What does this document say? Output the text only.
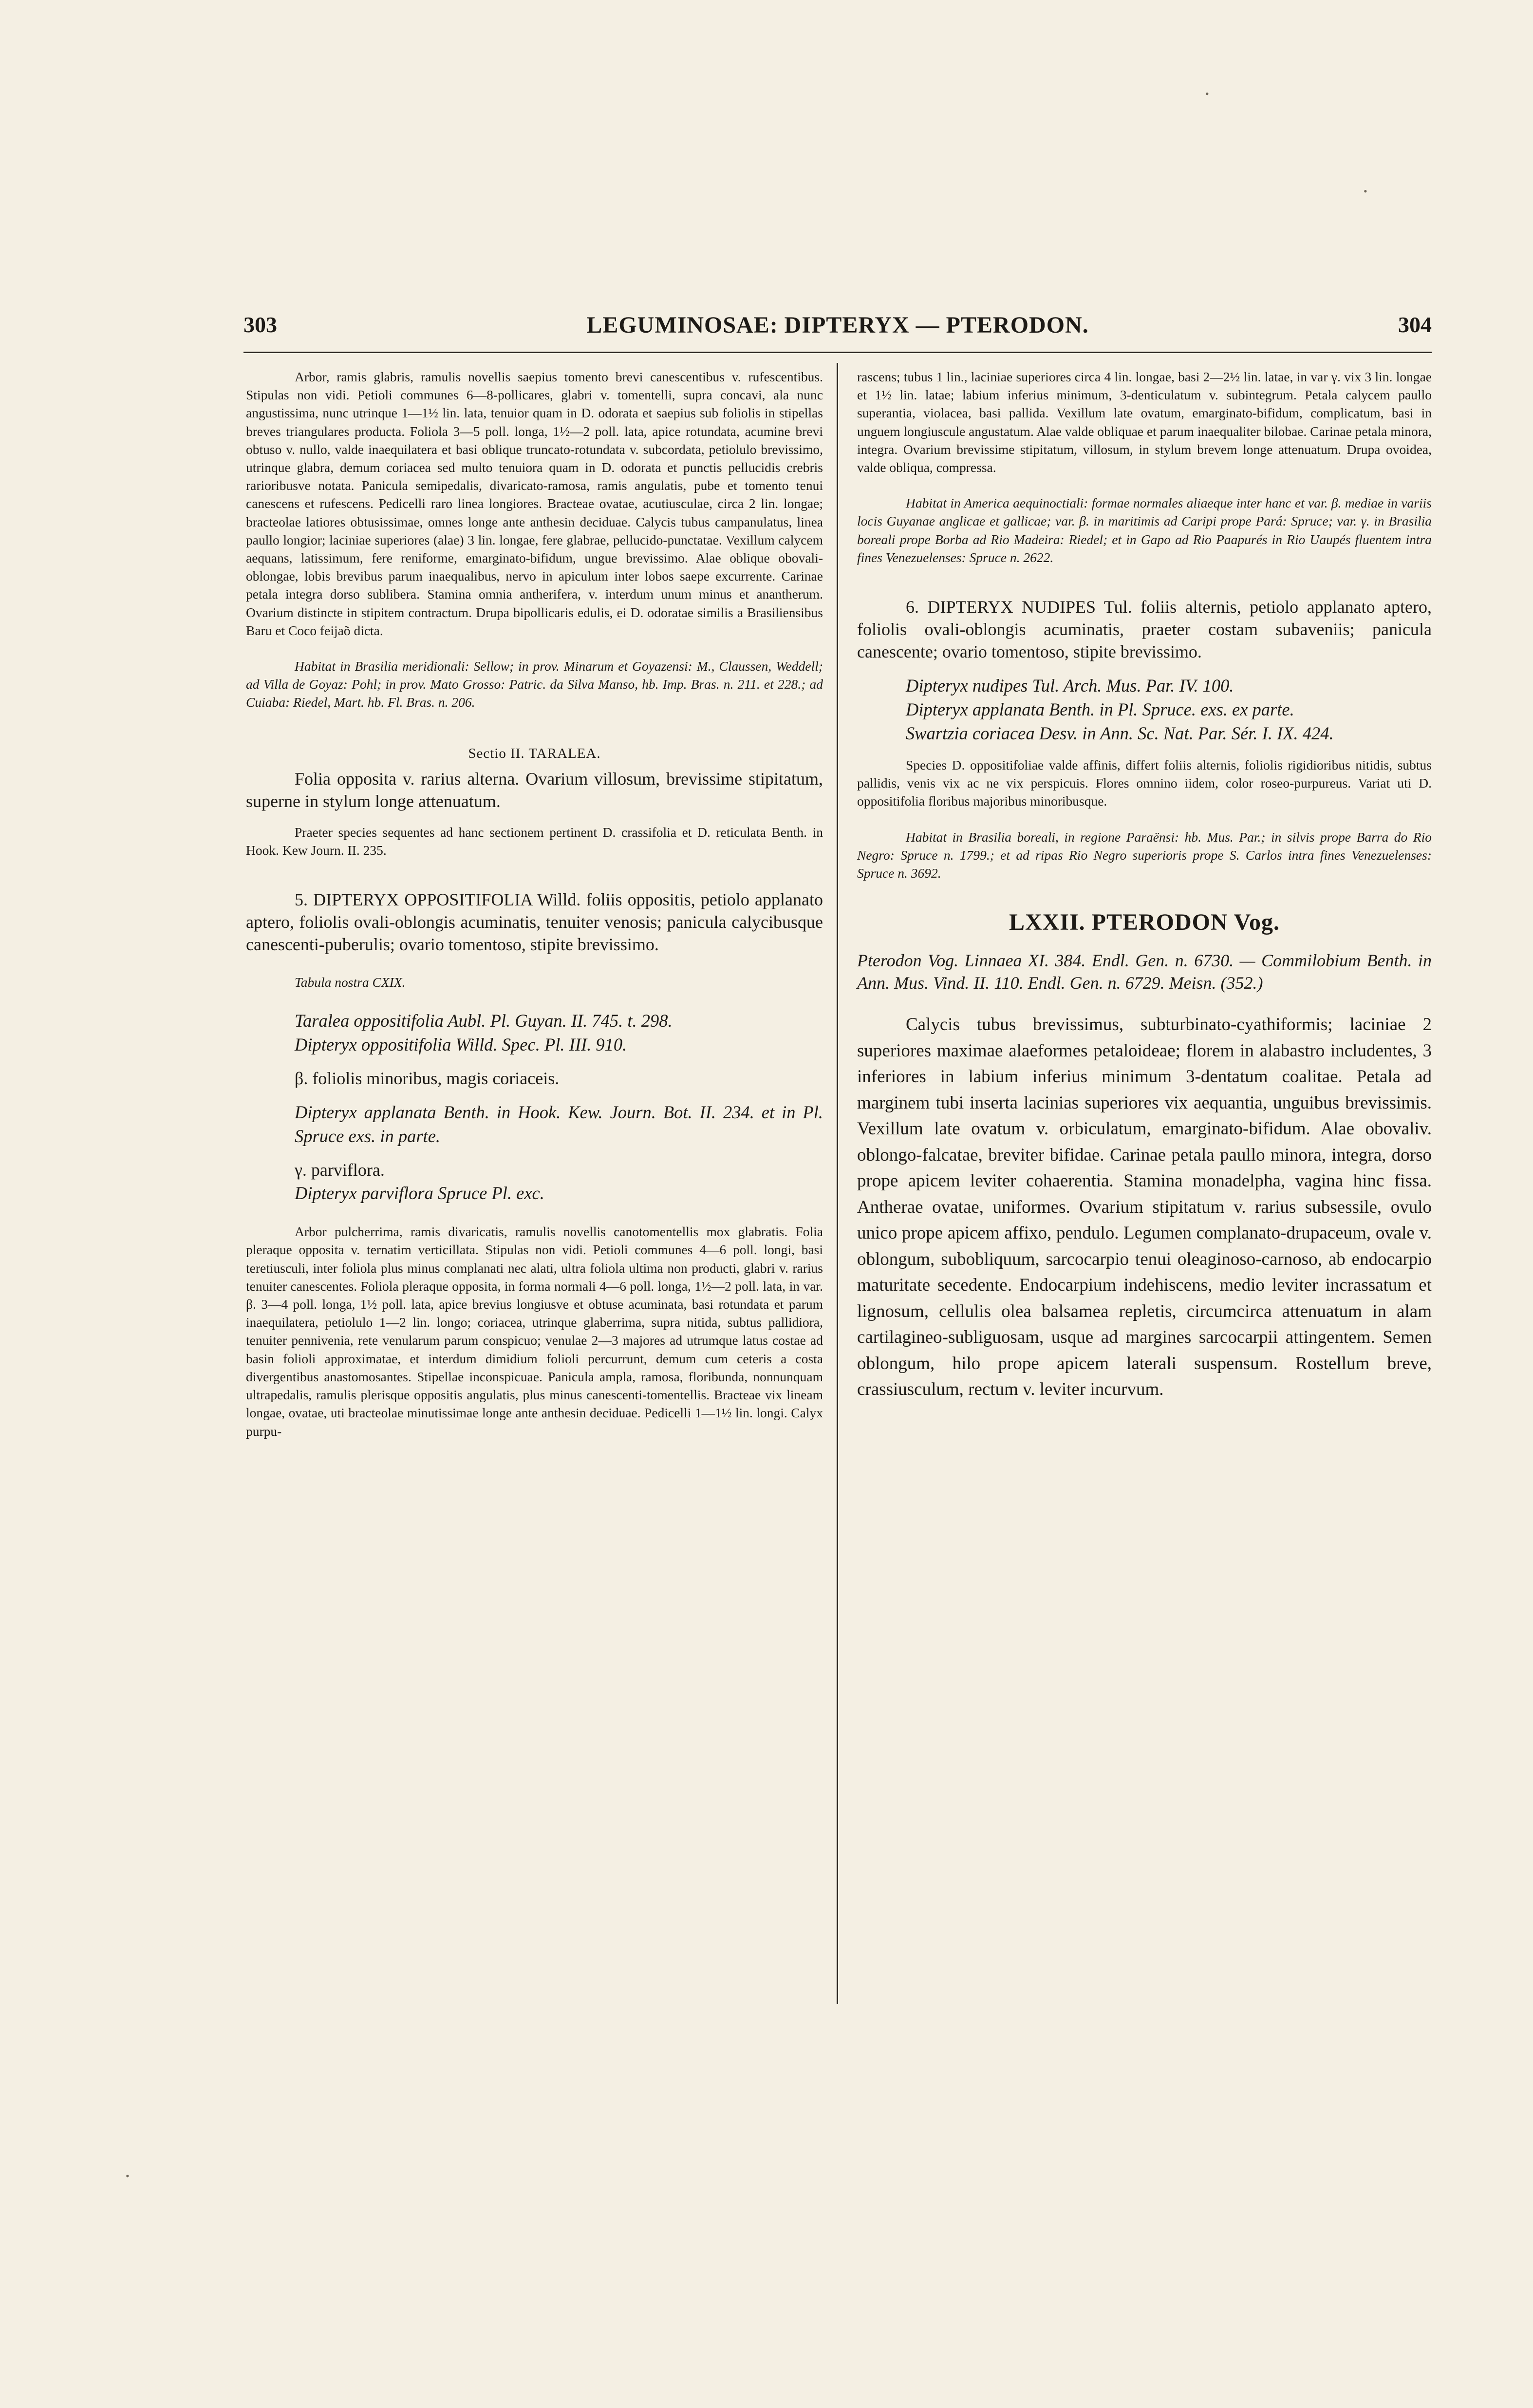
303	LEGUMINOSAE: DIPTERYX — PTERODON.	304

Arbor, ramis glabris, ramulis novellis saepius tomento brevi canescentibus v. rufescentibus. Stipulas non vidi. Petioli communes 6—8-pollicares, glabri v. tomentelli, supra concavi, ala nunc angustissima, nunc utrinque 1—1½ lin. lata, tenuior quam in D. odorata et saepius sub foliolis in stipellas breves triangulares producta. Foliola 3—5 poll. longa, 1½—2 poll. lata, apice rotundata, acumine brevi obtuso v. nullo, valde inaequilatera et basi oblique truncato-rotundata v. subcordata, petiolulo brevissimo, utrinque glabra, demum coriacea sed multo tenuiora quam in D. odorata et punctis pellucidis crebris rarioribusve notata. Panicula semipedalis, divaricato-ramosa, ramis angulatis, pube et tomento tenui canescens et rufescens. Pedicelli raro linea longiores. Bracteae ovatae, acutiusculae, circa 2 lin. longae; bracteolae latiores obtusissimae, omnes longe ante anthesin deciduae. Calycis tubus campanulatus, linea paullo longior; laciniae superiores (alae) 3 lin. longae, fere glabrae, pellucido-punctatae. Vexillum calycem aequans, latissimum, fere reniforme, emarginato-bifidum, ungue brevissimo. Alae oblique obovali-oblongae, lobis brevibus parum inaequalibus, nervo in apiculum inter lobos saepe excurrente. Carinae petala integra dorso sublibera. Stamina omnia antherifera, v. interdum unum minus et anantherum. Ovarium distincte in stipitem contractum. Drupa bipollicaris edulis, ei D. odoratae similis a Brasiliensibus Baru et Coco feijaõ dicta.

Habitat in Brasilia meridionali: Sellow; in prov. Minarum et Goyazensi: M., Claussen, Weddell; ad Villa de Goyaz: Pohl; in prov. Mato Grosso: Patric. da Silva Manso, hb. Imp. Bras. n. 211. et 228.; ad Cuiaba: Riedel, Mart. hb. Fl. Bras. n. 206.

Sectio II. TARALEA.

Folia opposita v. rarius alterna. Ovarium villosum, brevissime stipitatum, superne in stylum longe attenuatum.

Praeter species sequentes ad hanc sectionem pertinent D. crassifolia et D. reticulata Benth. in Hook. Kew Journ. II. 235.

5. DIPTERYX OPPOSITIFOLIA Willd. foliis oppositis, petiolo applanato aptero, foliolis ovali-oblongis acuminatis, tenuiter venosis; panicula calycibusque canescenti-puberulis; ovario tomentoso, stipite brevissimo.

Tabula nostra CXIX.

Taralea oppositifolia Aubl. Pl. Guyan. II. 745. t. 298.

Dipteryx oppositifolia Willd. Spec. Pl. III. 910.

β. foliolis minoribus, magis coriaceis.

Dipteryx applanata Benth. in Hook. Kew. Journ. Bot. II. 234. et in Pl. Spruce exs. in parte.

γ. parviflora.

Dipteryx parviflora Spruce Pl. exc.

Arbor pulcherrima, ramis divaricatis, ramulis novellis canotomentellis mox glabratis. Folia pleraque opposita v. ternatim verticillata. Stipulas non vidi. Petioli communes 4—6 poll. longi, basi teretiusculi, inter foliola plus minus complanati nec alati, ultra foliola ultima non producti, glabri v. rarius tenuiter canescentes. Foliola pleraque opposita, in forma normali 4—6 poll. longa, 1½—2 poll. lata, in var. β. 3—4 poll. longa, 1½ poll. lata, apice brevius longiusve et obtuse acuminata, basi rotundata et parum inaequilatera, petiolulo 1—2 lin. longo; coriacea, utrinque glaberrima, supra nitida, subtus pallidiora, tenuiter pennivenia, rete venularum parum conspicuo; venulae 2—3 majores ad utrumque latus costae ad basin folioli approximatae, et interdum dimidium folioli percurrunt, demum cum ceteris a costa divergentibus anastomosantes. Stipellae inconspicuae. Panicula ampla, ramosa, floribunda, nonnunquam ultrapedalis, ramulis plerisque oppositis angulatis, plus minus canescenti-tomentellis. Bracteae vix lineam longae, ovatae, uti bracteolae minutissimae longe ante anthesin deciduae. Pedicelli 1—1½ lin. longi. Calyx purpu-

rascens; tubus 1 lin., laciniae superiores circa 4 lin. longae, basi 2—2½ lin. latae, in var γ. vix 3 lin. longae et 1½ lin. latae; labium inferius minimum, 3-denticulatum v. subintegrum. Petala calycem paullo superantia, violacea, basi pallida. Vexillum late ovatum, emarginato-bifidum, complicatum, basi in unguem longiuscule angustatum. Alae valde obliquae et parum inaequaliter bilobae. Carinae petala minora, integra. Ovarium brevissime stipitatum, villosum, in stylum brevem longe attenuatum. Drupa ovoidea, valde obliqua, compressa.

Habitat in America aequinoctiali: formae normales aliaeque inter hanc et var. β. mediae in variis locis Guyanae anglicae et gallicae; var. β. in maritimis ad Caripi prope Pará: Spruce; var. γ. in Brasilia boreali prope Borba ad Rio Madeira: Riedel; et in Gapo ad Rio Paapurés in Rio Uaupés fluentem intra fines Venezuelenses: Spruce n. 2622.

6. DIPTERYX NUDIPES Tul. foliis alternis, petiolo applanato aptero, foliolis ovali-oblongis acuminatis, praeter costam subaveniis; panicula canescente; ovario tomentoso, stipite brevissimo.

Dipteryx nudipes Tul. Arch. Mus. Par. IV. 100.

Dipteryx applanata Benth. in Pl. Spruce. exs. ex parte.

Swartzia coriacea Desv. in Ann. Sc. Nat. Par. Sér. I. IX. 424.

Species D. oppositifoliae valde affinis, differt foliis alternis, foliolis rigidioribus nitidis, subtus pallidis, venis vix ac ne vix perspicuis. Flores omnino iidem, color roseo-purpureus. Variat uti D. oppositifolia floribus majoribus minoribusque.

Habitat in Brasilia boreali, in regione Paraënsi: hb. Mus. Par.; in silvis prope Barra do Rio Negro: Spruce n. 1799.; et ad ripas Rio Negro superioris prope S. Carlos intra fines Venezuelenses: Spruce n. 3692.

LXXII. PTERODON Vog.

Pterodon Vog. Linnaea XI. 384. Endl. Gen. n. 6730. — Commilobium Benth. in Ann. Mus. Vind. II. 110. Endl. Gen. n. 6729. Meisn. (352.)

Calycis tubus brevissimus, subturbinato-cyathiformis; laciniae 2 superiores maximae alaeformes petaloideae; florem in alabastro includentes, 3 inferiores in labium inferius minimum 3-dentatum coalitae. Petala ad marginem tubi inserta lacinias superiores vix aequantia, unguibus brevissimis. Vexillum late ovatum v. orbiculatum, emarginato-bifidum. Alae obovaliv. oblongo-falcatae, breviter bifidae. Carinae petala paullo minora, integra, dorso prope apicem leviter cohaerentia. Stamina monadelpha, vagina hinc fissa. Antherae ovatae, uniformes. Ovarium stipitatum v. rarius subsessile, ovulo unico prope apicem affixo, pendulo. Legumen complanato-drupaceum, ovale v. oblongum, subobliquum, sarcocarpio tenui oleaginoso-carnoso, ab endocarpio maturitate secedente. Endocarpium indehiscens, medio leviter incrassatum et lignosum, cellulis olea balsamea repletis, circumcirca attenuatum in alam cartilagineo-subliguosam, usque ad margines sarcocarpii attingentem. Semen oblongum, hilo prope apicem laterali suspensum. Rostellum breve, crassiusculum, rectum v. leviter incurvum.

•
•
•
